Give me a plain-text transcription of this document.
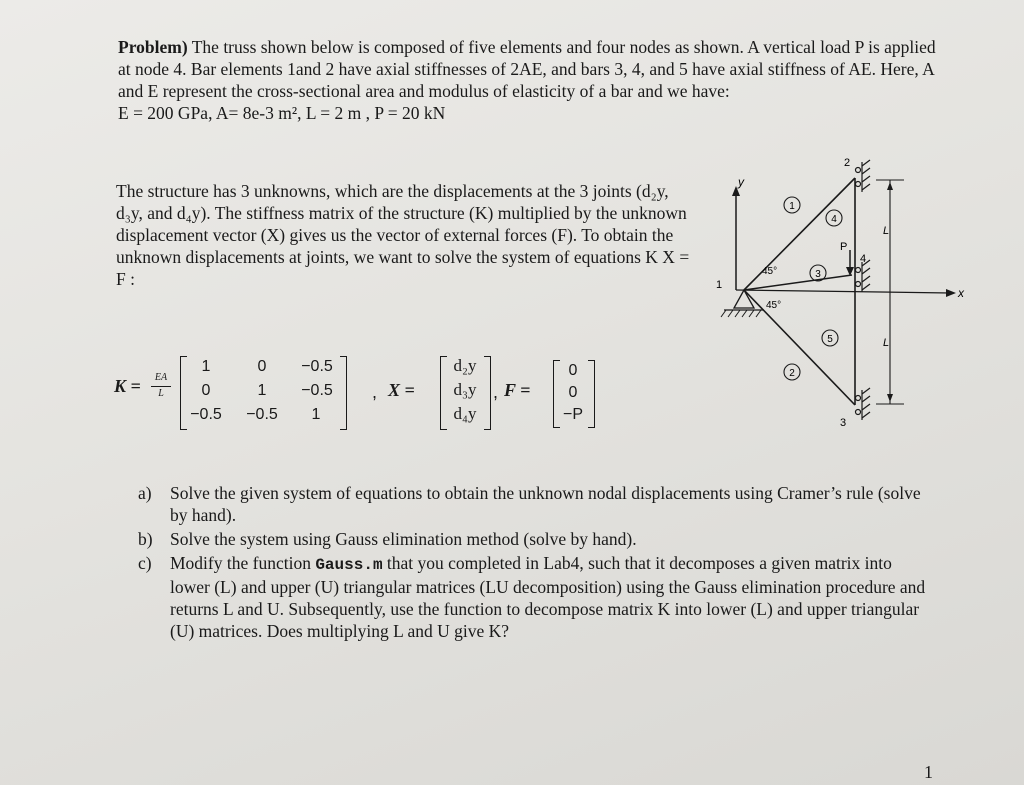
Problem) The truss shown below is composed of five elements and four nodes as shown. A vertical load P is applied at node 4. Bar elements 1and 2 have axial stiffnesses of 2AE, and bars 3, 4, and 5 have axial stiffness of AE. Here, A and E represent the cross-sectional area and modulus of elasticity of a bar and we have:
E = 200 GPa, A= 8e-3 m², L = 2 m , P = 20 kN

The structure has 3 unknowns, which are the displacements at the 3 joints (d₂y, d₃y, and d₄y). The stiffness matrix of the structure (K) multiplied by the unknown displacement vector (X) gives us the vector of external forces (F). To obtain the unknown displacements at joints, we want to solve the system of equations K X = F :

K =	EA
L
1	0	−0.5
0	1	−0.5
−0.5	−0.5	1
, X =
d₂y
d₃y
d₄y
, F =
0
0
−P
y
x
P
L
L
45°
45°
1
2
3
4
1
2
3
4
5
a) Solve the given system of equations to obtain the unknown nodal displacements using Cramer’s rule (solve by hand).
b) Solve the system using Gauss elimination method (solve by hand).
c) Modify the function Gauss.m that you completed in Lab4, such that it decomposes a given matrix into lower (L) and upper (U) triangular matrices (LU decomposition) using the Gauss elimination procedure and returns L and U. Subsequently, use the function to decompose matrix K into lower (L) and upper triangular (U) matrices. Does multiplying L and U give K?
1
